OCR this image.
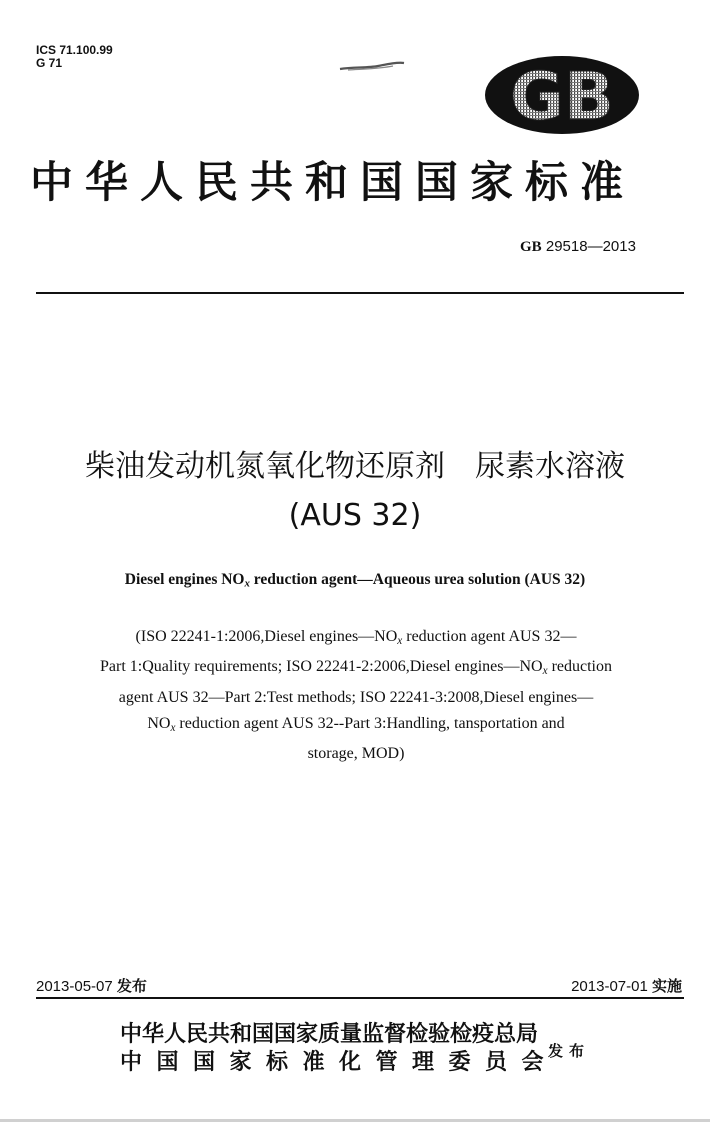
ICS 71.100.99
G 71	GB
中华人民共和国国家标准
GB 29518—2013
柴油发动机氮氧化物还原剂　尿素水溶液
(AUS 32)
Diesel engines $NO_x$ reduction agent—Aqueous urea solution (AUS 32)
(ISO 22241-1:2006,Diesel $engines—NO_x$ reduction agent AUS 32—
Part 1:Quality requirements; ISO 22241-2:2006,Diesel $engines—NO_x$ reduction
agent AUS 32—Part 2:Test methods; ISO 22241-3:2008,Diesel engines—
$NO_x$ reduction agent AUS 32--Part 3:Handling, tansportation and
storage, MOD)
2013-05-07 发布	2013-07-01 实施
中华人民共和国国家质量监督检验检疫总局
中国国家标准化管理委员会
发布
